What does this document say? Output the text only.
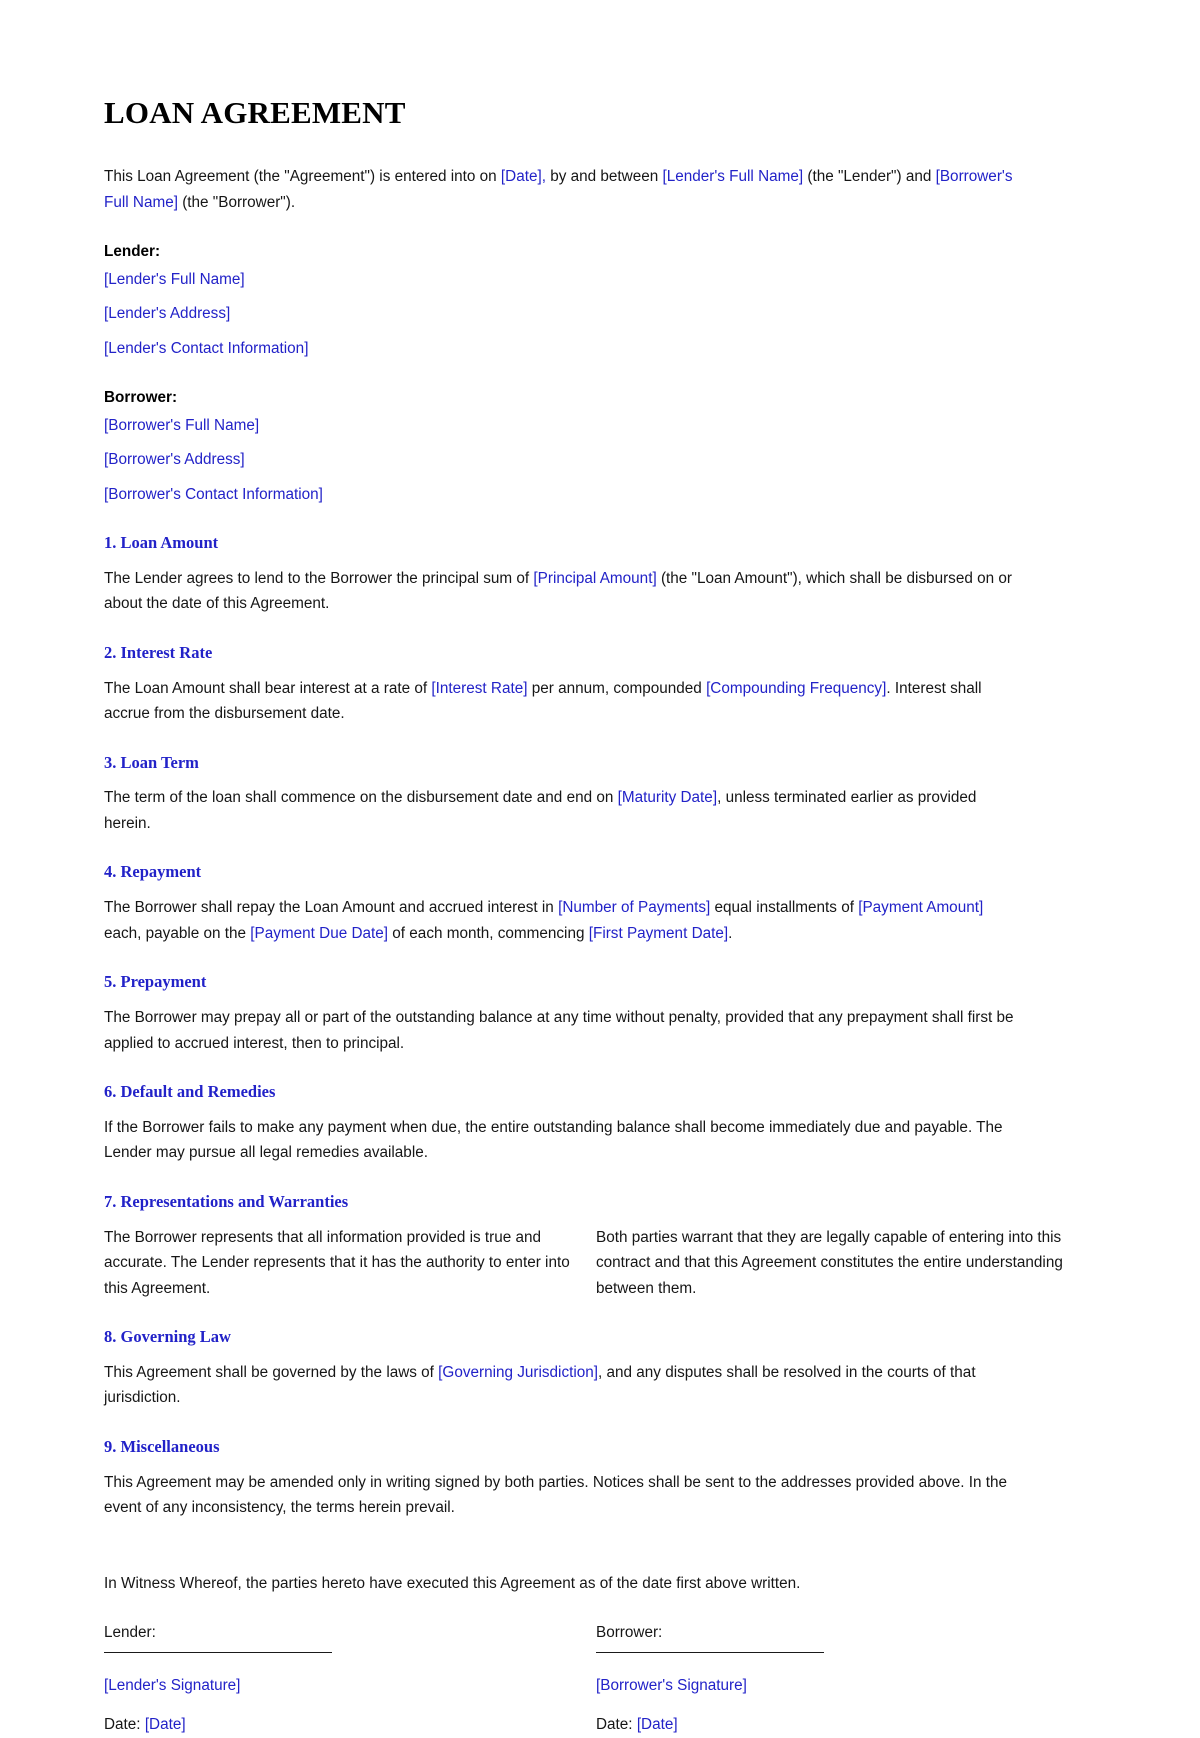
LOAN AGREEMENT

This Loan Agreement (the "Agreement") is entered into on [Date], by and between [Lender's Full Name] (the "Lender") and [Borrower's Full Name] (the "Borrower").

Lender:
[Lender's Full Name]
[Lender's Address]
[Lender's Contact Information]
Borrower:
[Borrower's Full Name]
[Borrower's Address]
[Borrower's Contact Information]
1. Loan Amount

The Lender agrees to lend to the Borrower the principal sum of [Principal Amount] (the "Loan Amount"), which shall be disbursed on or about the date of this Agreement.

2. Interest Rate

The Loan Amount shall bear interest at a rate of [Interest Rate] per annum, compounded [Compounding Frequency]. Interest shall accrue from the disbursement date.

3. Loan Term

The term of the loan shall commence on the disbursement date and end on [Maturity Date], unless terminated earlier as provided herein.

4. Repayment

The Borrower shall repay the Loan Amount and accrued interest in [Number of Payments] equal installments of [Payment Amount] each, payable on the [Payment Due Date] of each month, commencing [First Payment Date].

5. Prepayment

The Borrower may prepay all or part of the outstanding balance at any time without penalty, provided that any prepayment shall first be applied to accrued interest, then to principal.

6. Default and Remedies

If the Borrower fails to make any payment when due, the entire outstanding balance shall become immediately due and payable. The Lender may pursue all legal remedies available.

7. Representations and Warranties

The Borrower represents that all information provided is true and accurate. The Lender represents that it has the authority to enter into this Agreement.

Both parties warrant that they are legally capable of entering into this contract and that this Agreement constitutes the entire understanding between them.

8. Governing Law

This Agreement shall be governed by the laws of [Governing Jurisdiction], and any disputes shall be resolved in the courts of that jurisdiction.

9. Miscellaneous

This Agreement may be amended only in writing signed by both parties. Notices shall be sent to the addresses provided above. In the event of any inconsistency, the terms herein prevail.

In Witness Whereof, the parties hereto have executed this Agreement as of the date first above written.

Lender:
[Lender's Signature]
Date: [Date]
Borrower:
[Borrower's Signature]
Date: [Date]
